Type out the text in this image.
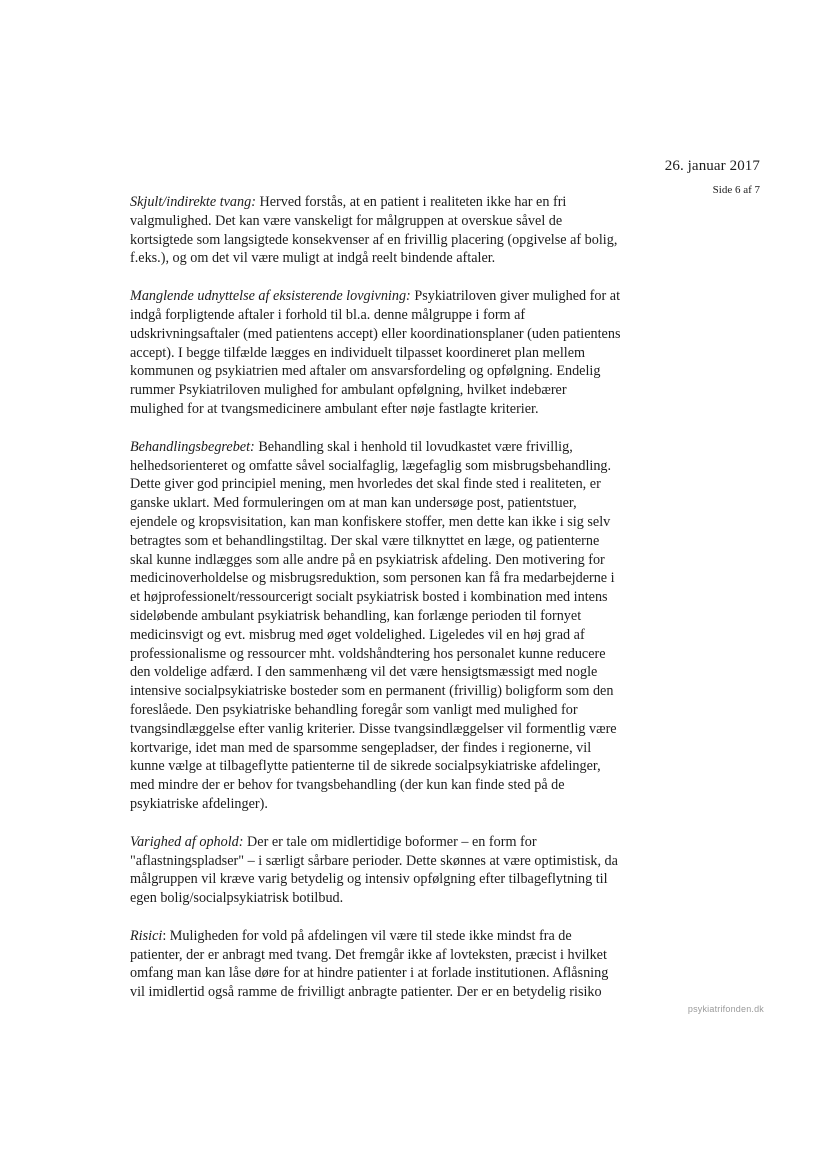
26. januar 2017
Side 6 af 7
Skjult/indirekte tvang: Herved forstås, at en patient i realiteten ikke har en fri
valgmulighed. Det kan være vanskeligt for målgruppen at overskue såvel de
kortsigtede som langsigtede konsekvenser af en frivillig placering (opgivelse af bolig,
f.eks.), og om det vil være muligt at indgå reelt bindende aftaler.
Manglende udnyttelse af eksisterende lovgivning: Psykiatriloven giver mulighed for at
indgå forpligtende aftaler i forhold til bl.a. denne målgruppe i form af
udskrivningsaftaler (med patientens accept) eller koordinationsplaner (uden patientens
accept). I begge tilfælde lægges en individuelt tilpasset koordineret plan mellem
kommunen og psykiatrien med aftaler om ansvarsfordeling og opfølgning. Endelig
rummer Psykiatriloven mulighed for ambulant opfølgning, hvilket indebærer
mulighed for at tvangsmedicinere ambulant efter nøje fastlagte kriterier.
Behandlingsbegrebet: Behandling skal i henhold til lovudkastet være frivillig,
helhedsorienteret og omfatte såvel socialfaglig, lægefaglig som misbrugsbehandling.
Dette giver god principiel mening, men hvorledes det skal finde sted i realiteten, er
ganske uklart. Med formuleringen om at man kan undersøge post, patientstuer,
ejendele og kropsvisitation, kan man konfiskere stoffer, men dette kan ikke i sig selv
betragtes som et behandlingstiltag. Der skal være tilknyttet en læge, og patienterne
skal kunne indlægges som alle andre på en psykiatrisk afdeling. Den motivering for
medicinoverholdelse og misbrugsreduktion, som personen kan få fra medarbejderne i
et højprofessionelt/ressourcerigt socialt psykiatrisk bosted i kombination med intens
sideløbende ambulant psykiatrisk behandling, kan forlænge perioden til fornyet
medicinsvigt og evt. misbrug med øget voldelighed. Ligeledes vil en høj grad af
professionalisme og ressourcer mht. voldshåndtering hos personalet kunne reducere
den voldelige adfærd. I den sammenhæng vil det være hensigtsmæssigt med nogle
intensive socialpsykiatriske bosteder som en permanent (frivillig) boligform som den
foreslåede. Den psykiatriske behandling foregår som vanligt med mulighed for
tvangsindlæggelse efter vanlig kriterier. Disse tvangsindlæggelser vil formentlig være
kortvarige, idet man med de sparsomme sengepladser, der findes i regionerne, vil
kunne vælge at tilbageflytte patienterne til de sikrede socialpsykiatriske afdelinger,
med mindre der er behov for tvangsbehandling (der kun kan finde sted på de
psykiatriske afdelinger).
Varighed af ophold: Der er tale om midlertidige boformer – en form for
"aflastningspladser" – i særligt sårbare perioder. Dette skønnes at være optimistisk, da
målgruppen vil kræve varig betydelig og intensiv opfølgning efter tilbageflytning til
egen bolig/socialpsykiatrisk botilbud.
Risici: Muligheden for vold på afdelingen vil være til stede ikke mindst fra de
patienter, der er anbragt med tvang. Det fremgår ikke af lovteksten, præcist i hvilket
omfang man kan låse døre for at hindre patienter i at forlade institutionen. Aflåsning
vil imidlertid også ramme de frivilligt anbragte patienter. Der er en betydelig risiko
psykiatrifonden.dk
